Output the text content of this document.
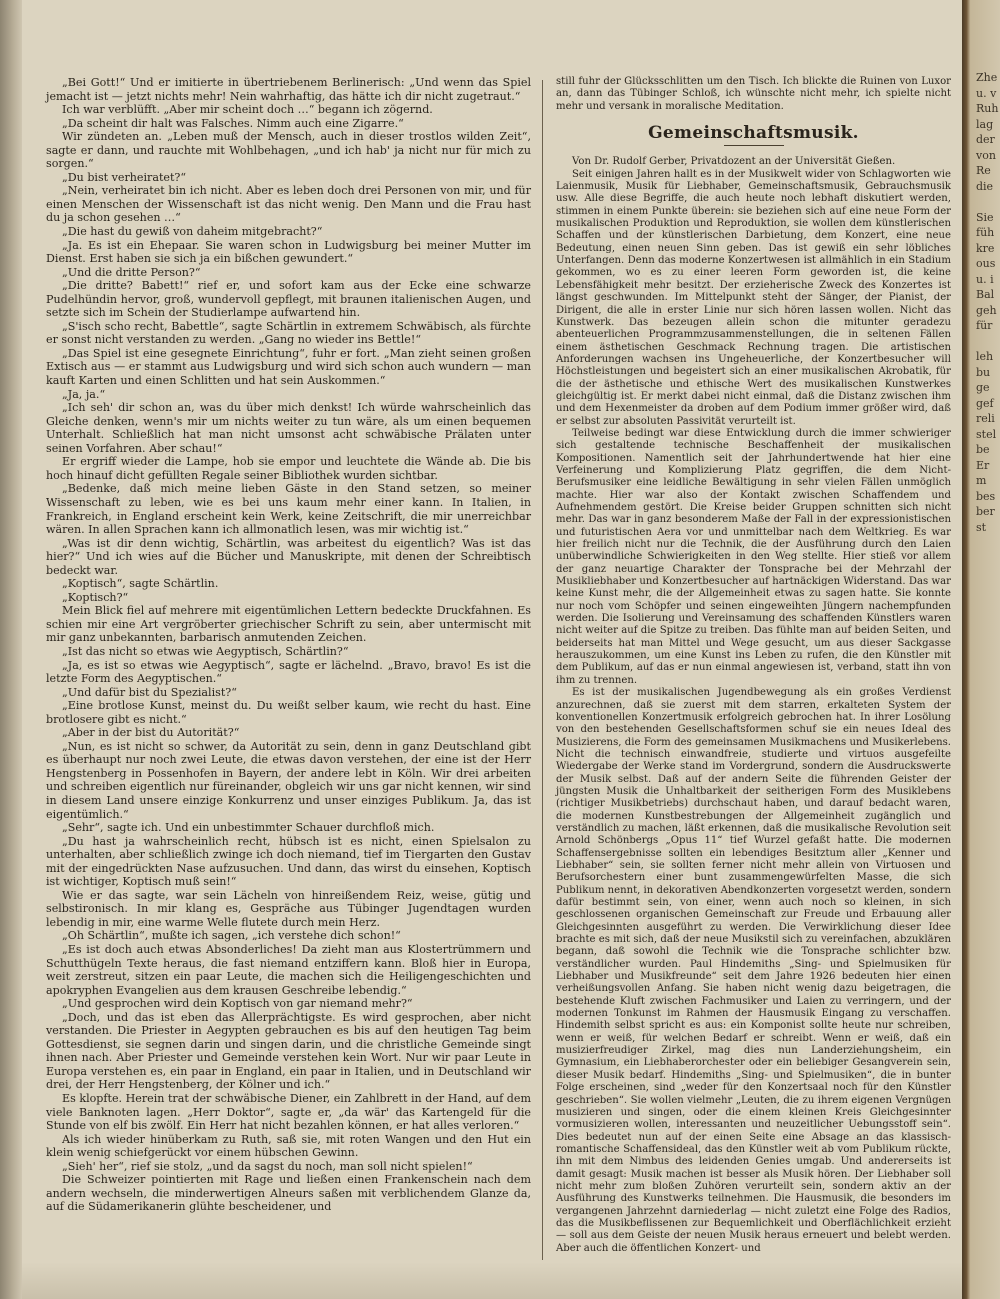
„Bei Gott!“ Und er imitierte in übertriebenem Berlinerisch: „Und wenn das Spiel jemacht ist — jetzt nichts mehr! Nein wahrhaftig, das hätte ich dir nicht zugetraut.“

Ich war verblüfft. „Aber mir scheint doch …“ begann ich zögernd.

„Da scheint dir halt was Falsches. Nimm auch eine Zigarre.“

Wir zündeten an. „Leben muß der Mensch, auch in dieser trostlos wilden Zeit“, sagte er dann, und rauchte mit Wohlbehagen, „und ich hab' ja nicht nur für mich zu sorgen.“

„Du bist verheiratet?“

„Nein, verheiratet bin ich nicht. Aber es leben doch drei Personen von mir, und für einen Menschen der Wissenschaft ist das nicht wenig. Den Mann und die Frau hast du ja schon gesehen …“

„Die hast du gewiß von daheim mitgebracht?“

„Ja. Es ist ein Ehepaar. Sie waren schon in Ludwigsburg bei meiner Mutter im Dienst. Erst haben sie sich ja ein bißchen gewundert.“

„Und die dritte Person?“

„Die dritte? Babett!“ rief er, und sofort kam aus der Ecke eine schwarze Pudelhündin hervor, groß, wundervoll gepflegt, mit braunen italienischen Augen, und setzte sich im Schein der Studierlampe aufwartend hin.

„S'isch scho recht, Babettle“, sagte Schärtlin in extremem Schwäbisch, als fürchte er sonst nicht verstanden zu werden. „Gang no wieder ins Bettle!“

„Das Spiel ist eine gesegnete Einrichtung“, fuhr er fort. „Man zieht seinen großen Extisch aus — er stammt aus Ludwigsburg und wird sich schon auch wundern — man kauft Karten und einen Schlitten und hat sein Auskommen.“

„Ja, ja.“

„Ich seh' dir schon an, was du über mich denkst! Ich würde wahrscheinlich das Gleiche denken, wenn's mir um nichts weiter zu tun wäre, als um einen bequemen Unterhalt. Schließlich hat man nicht umsonst acht schwäbische Prälaten unter seinen Vorfahren. Aber schau!“

Er ergriff wieder die Lampe, hob sie empor und leuchtete die Wände ab. Die bis hoch hinauf dicht gefüllten Regale seiner Bibliothek wurden sichtbar.

„Bedenke, daß mich meine lieben Gäste in den Stand setzen, so meiner Wissenschaft zu leben, wie es bei uns kaum mehr einer kann. In Italien, in Frankreich, in England erscheint kein Werk, keine Zeitschrift, die mir unerreichbar wären. In allen Sprachen kann ich allmonatlich lesen, was mir wichtig ist.“

„Was ist dir denn wichtig, Schärtlin, was arbeitest du eigentlich? Was ist das hier?“ Und ich wies auf die Bücher und Manuskripte, mit denen der Schreibtisch bedeckt war.

„Koptisch“, sagte Schärtlin.

„Koptisch?“

Mein Blick fiel auf mehrere mit eigentümlichen Lettern bedeckte Druckfahnen. Es schien mir eine Art vergröberter griechischer Schrift zu sein, aber untermischt mit mir ganz unbekannten, barbarisch anmutenden Zeichen.

„Ist das nicht so etwas wie Aegyptisch, Schärtlin?“

„Ja, es ist so etwas wie Aegyptisch“, sagte er lächelnd. „Bravo, bravo! Es ist die letzte Form des Aegyptischen.“

„Und dafür bist du Spezialist?“

„Eine brotlose Kunst, meinst du. Du weißt selber kaum, wie recht du hast. Eine brotlosere gibt es nicht.“

„Aber in der bist du Autorität?“

„Nun, es ist nicht so schwer, da Autorität zu sein, denn in ganz Deutschland gibt es überhaupt nur noch zwei Leute, die etwas davon verstehen, der eine ist der Herr Hengstenberg in Possenhofen in Bayern, der andere lebt in Köln. Wir drei arbeiten und schreiben eigentlich nur füreinander, obgleich wir uns gar nicht kennen, wir sind in diesem Land unsere einzige Konkurrenz und unser einziges Publikum. Ja, das ist eigentümlich.“

„Sehr“, sagte ich. Und ein unbestimmter Schauer durchfloß mich.

„Du hast ja wahrscheinlich recht, hübsch ist es nicht, einen Spielsalon zu unterhalten, aber schließlich zwinge ich doch niemand, tief im Tiergarten den Gustav mit der eingedrückten Nase aufzusuchen. Und dann, das wirst du einsehen, Koptisch ist wichtiger, Koptisch muß sein!“

Wie er das sagte, war sein Lächeln von hinreißendem Reiz, weise, gütig und selbstironisch. In mir klang es, Gespräche aus Tübinger Jugendtagen wurden lebendig in mir, eine warme Welle flutete durch mein Herz.

„Oh Schärtlin“, mußte ich sagen, „ich verstehe dich schon!“

„Es ist doch auch etwas Absonderliches! Da zieht man aus Klostertrümmern und Schutthügeln Texte heraus, die fast niemand entziffern kann. Bloß hier in Europa, weit zerstreut, sitzen ein paar Leute, die machen sich die Heiligengeschichten und apokryphen Evangelien aus dem krausen Geschreibe lebendig.“

„Und gesprochen wird dein Koptisch von gar niemand mehr?“

„Doch, und das ist eben das Allerprächtigste. Es wird gesprochen, aber nicht verstanden. Die Priester in Aegypten gebrauchen es bis auf den heutigen Tag beim Gottesdienst, sie segnen darin und singen darin, und die christliche Gemeinde singt ihnen nach. Aber Priester und Gemeinde verstehen kein Wort. Nur wir paar Leute in Europa verstehen es, ein paar in England, ein paar in Italien, und in Deutschland wir drei, der Herr Hengstenberg, der Kölner und ich.“

Es klopfte. Herein trat der schwäbische Diener, ein Zahlbrett in der Hand, auf dem viele Banknoten lagen. „Herr Doktor“, sagte er, „da wär' das Kartengeld für die Stunde von elf bis zwölf. Ein Herr hat nicht bezahlen können, er hat alles verloren.“

Als ich wieder hinüberkam zu Ruth, saß sie, mit roten Wangen und den Hut ein klein wenig schiefgerückt vor einem hübschen Gewinn.

„Sieh' her“, rief sie stolz, „und da sagst du noch, man soll nicht spielen!“

Die Schweizer pointierten mit Rage und ließen einen Frankenschein nach dem andern wechseln, die minderwertigen Alneurs saßen mit verblichendem Glanze da, auf die Südamerikanerin glühte bescheidener, und

still fuhr der Glücksschlitten um den Tisch. Ich blickte die Ruinen von Luxor an, dann das Tübinger Schloß, ich wünschte nicht mehr, ich spielte nicht mehr und versank in moralische Meditation.

Gemeinschaftsmusik.

Von Dr. Rudolf Gerber, Privatdozent an der Universität Gießen.

Seit einigen Jahren hallt es in der Musikwelt wider von Schlagworten wie Laienmusik, Musik für Liebhaber, Gemeinschaftsmusik, Gebrauchsmusik usw. Alle diese Begriffe, die auch heute noch lebhaft diskutiert werden, stimmen in einem Punkte überein: sie beziehen sich auf eine neue Form der musikalischen Produktion und Reproduktion, sie wollen dem künstlerischen Schaffen und der künstlerischen Darbietung, dem Konzert, eine neue Bedeutung, einen neuen Sinn geben. Das ist gewiß ein sehr löbliches Unterfangen. Denn das moderne Konzertwesen ist allmählich in ein Stadium gekommen, wo es zu einer leeren Form geworden ist, die keine Lebensfähigkeit mehr besitzt. Der erzieherische Zweck des Konzertes ist längst geschwunden. Im Mittelpunkt steht der Sänger, der Pianist, der Dirigent, die alle in erster Linie nur sich hören lassen wollen. Nicht das Kunstwerk. Das bezeugen allein schon die mitunter geradezu abenteuerlichen Programmzusammenstellungen, die in seltenen Fällen einem ästhetischen Geschmack Rechnung tragen. Die artistischen Anforderungen wachsen ins Ungeheuerliche, der Konzertbesucher will Höchstleistungen und begeistert sich an einer musikalischen Akrobatik, für die der ästhetische und ethische Wert des musikalischen Kunstwerkes gleichgültig ist. Er merkt dabei nicht einmal, daß die Distanz zwischen ihm und dem Hexenmeister da droben auf dem Podium immer größer wird, daß er selbst zur absoluten Passivität verurteilt ist.

Teilweise bedingt war diese Entwicklung durch die immer schwieriger sich gestaltende technische Beschaffenheit der musikalischen Kompositionen. Namentlich seit der Jahrhundertwende hat hier eine Verfeinerung und Komplizierung Platz gegriffen, die dem Nicht-Berufsmusiker eine leidliche Bewältigung in sehr vielen Fällen unmöglich machte. Hier war also der Kontakt zwischen Schaffendem und Aufnehmendem gestört. Die Kreise beider Gruppen schnitten sich nicht mehr. Das war in ganz besonderem Maße der Fall in der expressionistischen und futuristischen Aera vor und unmittelbar nach dem Weltkrieg. Es war hier freilich nicht nur die Technik, die der Ausführung durch den Laien unüberwindliche Schwierigkeiten in den Weg stellte. Hier stieß vor allem der ganz neuartige Charakter der Tonsprache bei der Mehrzahl der Musikliebhaber und Konzertbesucher auf hartnäckigen Widerstand. Das war keine Kunst mehr, die der Allgemeinheit etwas zu sagen hatte. Sie konnte nur noch vom Schöpfer und seinen eingeweihten Jüngern nachempfunden werden. Die Isolierung und Vereinsamung des schaffenden Künstlers waren nicht weiter auf die Spitze zu treiben. Das fühlte man auf beiden Seiten, und beiderseits hat man Mittel und Wege gesucht, um aus dieser Sackgasse herauszukommen, um eine Kunst ins Leben zu rufen, die den Künstler mit dem Publikum, auf das er nun einmal angewiesen ist, verband, statt ihn von ihm zu trennen.

Es ist der musikalischen Jugendbewegung als ein großes Verdienst anzurechnen, daß sie zuerst mit dem starren, erkalteten System der konventionellen Konzertmusik erfolgreich gebrochen hat. In ihrer Losölung von den bestehenden Gesellschaftsformen schuf sie ein neues Ideal des Musizierens, die Form des gemeinsamen Musikmachens und Musikerlebens. Nicht die technisch einwandfreie, studierte und virtuos ausgefeilte Wiedergabe der Werke stand im Vordergrund, sondern die Ausdruckswerte der Musik selbst. Daß auf der andern Seite die führenden Geister der jüngsten Musik die Unhaltbarkeit der seitherigen Form des Musiklebens (richtiger Musikbetriebs) durchschaut haben, und darauf bedacht waren, die modernen Kunstbestrebungen der Allgemeinheit zugänglich und verständlich zu machen, läßt erkennen, daß die musikalische Revolution seit Arnold Schönbergs „Opus 11“ tief Wurzel gefaßt hatte. Die modernen Schaffensergebnisse sollten ein lebendiges Besitztum aller „Kenner und Liebhaber“ sein, sie sollten ferner nicht mehr allein von Virtuosen und Berufsorchestern einer bunt zusammengewürfelten Masse, die sich Publikum nennt, in dekorativen Abendkonzerten vorgesetzt werden, sondern dafür bestimmt sein, von einer, wenn auch noch so kleinen, in sich geschlossenen organischen Gemeinschaft zur Freude und Erbauung aller Gleichgesinnten ausgeführt zu werden. Die Verwirklichung dieser Idee brachte es mit sich, daß der neue Musikstil sich zu vereinfachen, abzuklären begann, daß sowohl die Technik wie die Tonsprache schlichter bzw. verständlicher wurden. Paul Hindemiths „Sing- und Spielmusiken für Liebhaber und Musikfreunde“ seit dem Jahre 1926 bedeuten hier einen verheißungsvollen Anfang. Sie haben nicht wenig dazu beigetragen, die bestehende Kluft zwischen Fachmusiker und Laien zu verringern, und der modernen Tonkunst im Rahmen der Hausmusik Eingang zu verschaffen. Hindemith selbst spricht es aus: ein Komponist sollte heute nur schreiben, wenn er weiß, für welchen Bedarf er schreibt. Wenn er weiß, daß ein musizierfreudiger Zirkel, mag dies nun Landerziehungsheim, ein Gymnasium, ein Liebhaberorchester oder ein beliebiger Gesangverein sein, dieser Musik bedarf. Hindemiths „Sing- und Spielmusiken“, die in bunter Folge erscheinen, sind „weder für den Konzertsaal noch für den Künstler geschrieben“. Sie wollen vielmehr „Leuten, die zu ihrem eigenen Vergnügen musizieren und singen, oder die einem kleinen Kreis Gleichgesinnter vormusizieren wollen, interessanten und neuzeitlicher Uebungsstoff sein“. Dies bedeutet nun auf der einen Seite eine Absage an das klassisch-romantische Schaffensideal, das den Künstler weit ab vom Publikum rückte, ihn mit dem Nimbus des leidenden Genies umgab. Und andererseits ist damit gesagt: Musik machen ist besser als Musik hören. Der Liebhaber soll nicht mehr zum bloßen Zuhören verurteilt sein, sondern aktiv an der Ausführung des Kunstwerks teilnehmen. Die Hausmusik, die besonders im vergangenen Jahrzehnt darniederlag — nicht zuletzt eine Folge des Radios, das die Musikbeflissenen zur Bequemlichkeit und Oberflächlichkeit erzieht — soll aus dem Geiste der neuen Musik heraus erneuert und belebt werden. Aber auch die öffentlichen Konzert- und

Zhe
u. v
Ruh
lag
der
von
Re
die

Sie
füh
kre
ous
u. i
Bal
geh
für

leh
bu
ge
gef
reli
stel
be
Er
m
bes
ber
st
